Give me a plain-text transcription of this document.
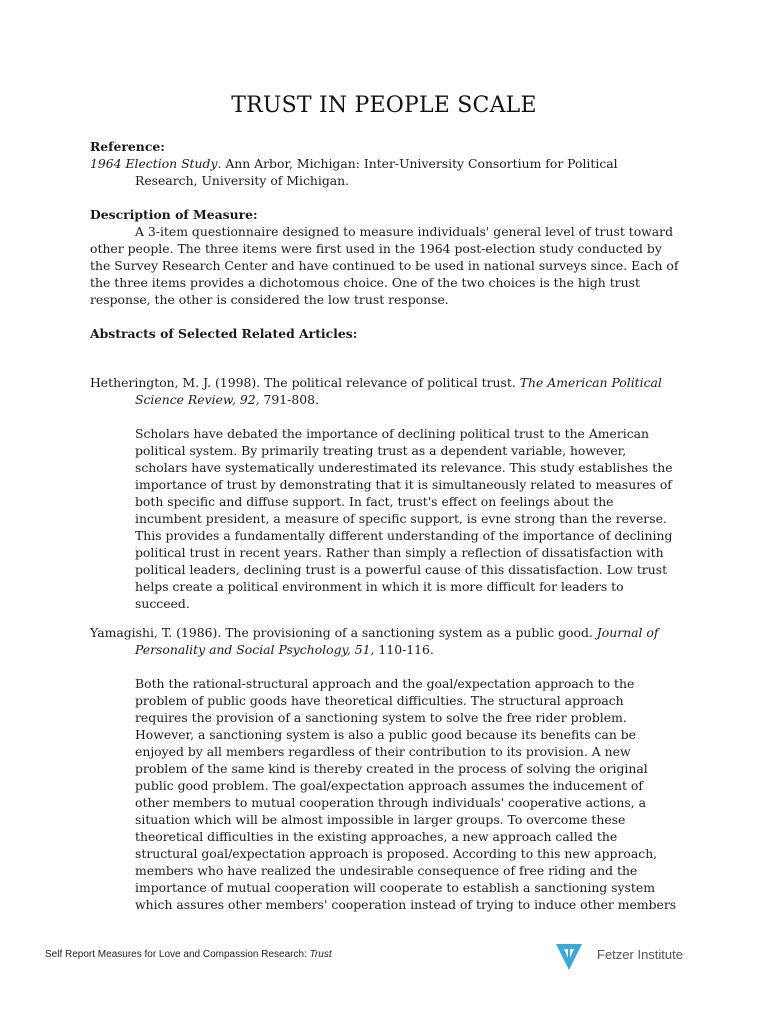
TRUST IN PEOPLE SCALE
Reference:
1964 Election Study. Ann Arbor, Michigan: Inter-University Consortium for Political
Research, University of Michigan.
Description of Measure:
A 3-item questionnaire designed to measure individuals' general level of trust toward other people. The three items were first used in the 1964 post-election study conducted by the Survey Research Center and have continued to be used in national surveys since. Each of the three items provides a dichotomous choice. One of the two choices is the high trust response, the other is considered the low trust response.
Abstracts of Selected Related Articles:
Hetherington, M. J. (1998). The political relevance of political trust. The American Political Science Review, 92, 791-808.
Scholars have debated the importance of declining political trust to the American political system. By primarily treating trust as a dependent variable, however, scholars have systematically underestimated its relevance. This study establishes the importance of trust by demonstrating that it is simultaneously related to measures of both specific and diffuse support. In fact, trust's effect on feelings about the incumbent president, a measure of specific support, is evne strong than the reverse. This provides a fundamentally different understanding of the importance of declining political trust in recent years. Rather than simply a reflection of dissatisfaction with political leaders, declining trust is a powerful cause of this dissatisfaction. Low trust helps create a political environment in which it is more difficult for leaders to succeed.
Yamagishi, T. (1986). The provisioning of a sanctioning system as a public good. Journal of Personality and Social Psychology, 51, 110-116.
Both the rational-structural approach and the goal/expectation approach to the problem of public goods have theoretical difficulties. The structural approach requires the provision of a sanctioning system to solve the free rider problem. However, a sanctioning system is also a public good because its benefits can be enjoyed by all members regardless of their contribution to its provision. A new problem of the same kind is thereby created in the process of solving the original public good problem. The goal/expectation approach assumes the inducement of other members to mutual cooperation through individuals' cooperative actions, a situation which will be almost impossible in larger groups. To overcome these theoretical difficulties in the existing approaches, a new approach called the structural goal/expectation approach is proposed. According to this new approach, members who have realized the undesirable consequence of free riding and the importance of mutual cooperation will cooperate to establish a sanctioning system which assures other members' cooperation instead of trying to induce other members
Self Report Measures for Love and Compassion Research: Trust	Fetzer Institute
